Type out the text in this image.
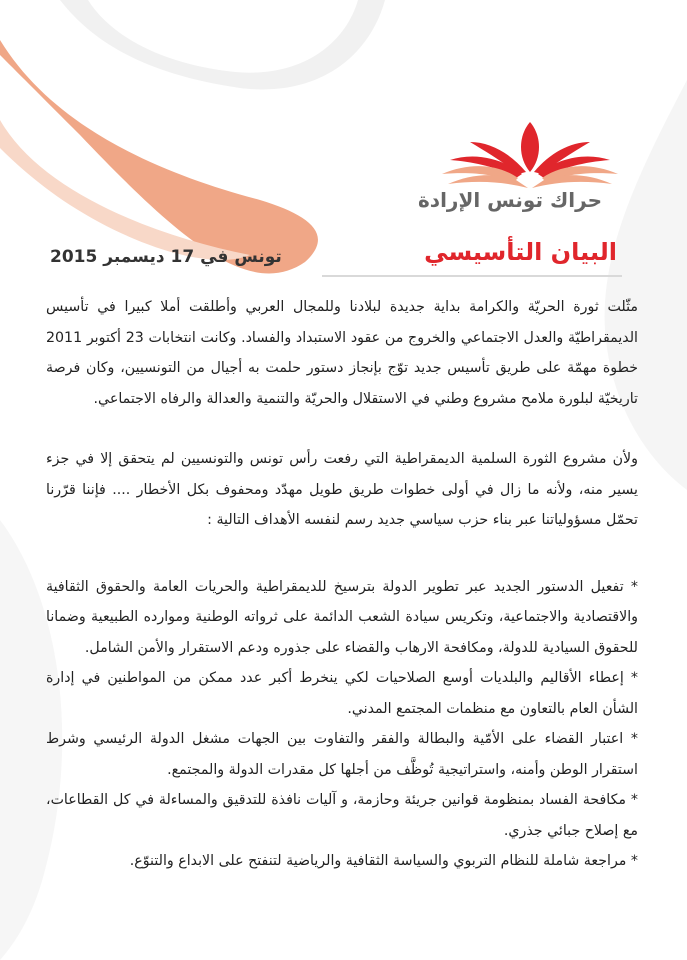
حراك تونس الإرادة
البيان التأسيسي
تونس في 17 ديسمبر 2015

مثّلت ثورة الحريّة والكرامة بداية جديدة لبلادنا وللمجال العربي وأطلقت أملا كبيرا في تأسيس الديمقراطيّة والعدل الاجتماعي والخروج من عقود الاستبداد والفساد. وكانت انتخابات 23 أكتوبر 2011 خطوة مهمّة على طريق تأسيس جديد توّج بإنجاز دستور حلمت به أجيال من التونسيين، وكان فرصة تاريخيّة لبلورة ملامح مشروع وطني في الاستقلال والحريّة والتنمية والعدالة والرفاه الاجتماعي.

ولأن مشروع الثورة السلمية الديمقراطية التي رفعت رأس تونس والتونسيين لم يتحقق إلا في جزء يسير منه، ولأنه ما زال في أولى خطوات طريق طويل مهدّد ومحفوف بكل الأخطار .... فإننا قرّرنا تحمّل مسؤولياتنا عبر بناء حزب سياسي جديد رسم لنفسه الأهداف التالية :

* تفعيل الدستور الجديد عبر تطوير الدولة بترسيخ للديمقراطية والحريات العامة والحقوق الثقافية والاقتصادية والاجتماعية، وتكريس سيادة الشعب الدائمة على ثرواته الوطنية وموارده الطبيعية وضمانا للحقوق السيادية للدولة، ومكافحة الارهاب والقضاء على جذوره ودعم الاستقرار والأمن الشامل.

* إعطاء الأقاليم والبلديات أوسع الصلاحيات لكي ينخرط أكبر عدد ممكن من المواطنين في إدارة الشأن العام بالتعاون مع منظمات المجتمع المدني.

* اعتبار القضاء على الأمّية والبطالة والفقر والتفاوت بين الجهات مشغل الدولة الرئيسي وشرط استقرار الوطن وأمنه، واستراتيجية تُوظَّف من أجلها كل مقدرات الدولة والمجتمع.

* مكافحة الفساد بمنظومة قوانين جريئة وحازمة، و آليات نافذة للتدقيق والمساءلة في كل القطاعات، مع إصلاح جبائي جذري.

* مراجعة شاملة للنظام التربوي والسياسة الثقافية والرياضية لتنفتح على الابداع والتنوّع.
